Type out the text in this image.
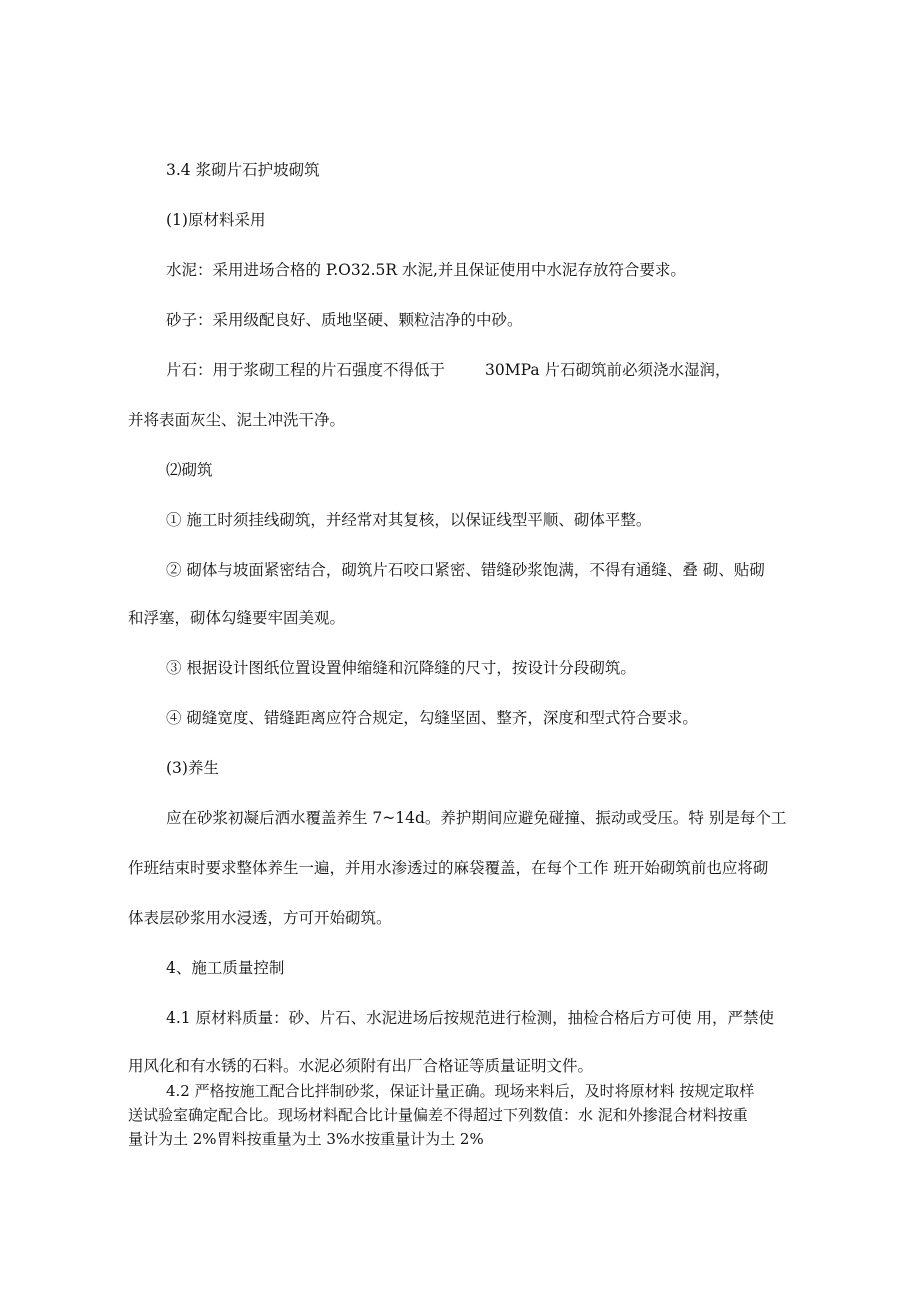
3.4 浆砌片石护坡砌筑
(1)原材料采用
水泥：采用进场合格的 P.O32.5R 水泥,并且保证使用中水泥存放符合要求。
砂子：采用级配良好、质地坚硬、颗粒洁净的中砂。
片石：用于浆砌工程的片石强度不得低于	30MPa 片石砌筑前必须浇水湿润，
并将表面灰尘、泥土冲洗干净。
⑵砌筑
① 施工时须挂线砌筑，并经常对其复核，以保证线型平顺、砌体平整。
② 砌体与坡面紧密结合，砌筑片石咬口紧密、错缝砂浆饱满，不得有通缝、叠 砌、贴砌
和浮塞，砌体勾缝要牢固美观。
③ 根据设计图纸位置设置伸缩缝和沉降缝的尺寸，按设计分段砌筑。
④ 砌缝宽度、错缝距离应符合规定，勾缝坚固、整齐，深度和型式符合要求。
(3)养生
应在砂浆初凝后洒水覆盖养生 7~14d。养护期间应避免碰撞、振动或受压。特 别是每个工
作班结束时要求整体养生一遍，并用水渗透过的麻袋覆盖，在每个工作 班开始砌筑前也应将砌
体表层砂浆用水浸透，方可开始砌筑。
4、施工质量控制
4.1 原材料质量：砂、片石、水泥进场后按规范进行检测，抽检合格后方可使 用，严禁使
用风化和有水锈的石料。水泥必须附有出厂合格证等质量证明文件。
4.2 严格按施工配合比拌制砂浆，保证计量正确。现场来料后，及时将原材料 按规定取样
送试验室确定配合比。现场材料配合比计量偏差不得超过下列数值：水 泥和外掺混合材料按重
量计为土 2%胃料按重量为土 3%水按重量计为土 2%
